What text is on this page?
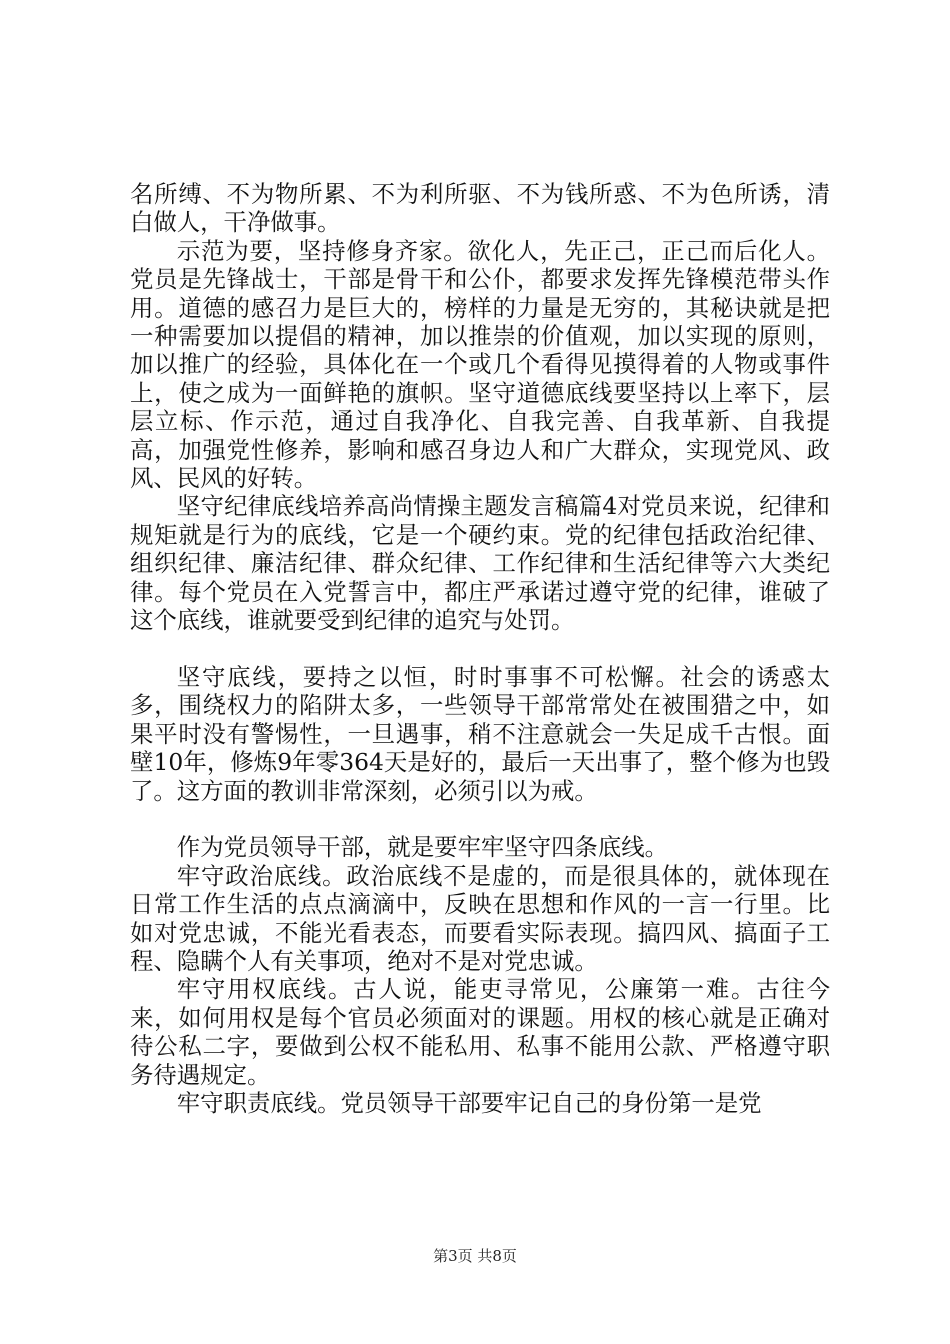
名所缚、不为物所累、不为利所驱、不为钱所惑、不为色所诱，清白做人，干净做事。

示范为要，坚持修身齐家。欲化人，先正己，正己而后化人。党员是先锋战士，干部是骨干和公仆，都要求发挥先锋模范带头作用。道德的感召力是巨大的，榜样的力量是无穷的，其秘诀就是把一种需要加以提倡的精神，加以推崇的价值观，加以实现的原则，加以推广的经验，具体化在一个或几个看得见摸得着的人物或事件上，使之成为一面鲜艳的旗帜。坚守道德底线要坚持以上率下，层层立标、作示范，通过自我净化、自我完善、自我革新、自我提高，加强党性修养，影响和感召身边人和广大群众，实现党风、政风、民风的好转。

坚守纪律底线培养高尚情操主题发言稿篇4对党员来说，纪律和规矩就是行为的底线，它是一个硬约束。党的纪律包括政治纪律、组织纪律、廉洁纪律、群众纪律、工作纪律和生活纪律等六大类纪律。每个党员在入党誓言中，都庄严承诺过遵守党的纪律，谁破了这个底线，谁就要受到纪律的追究与处罚。

坚守底线，要持之以恒，时时事事不可松懈。社会的诱惑太多，围绕权力的陷阱太多，一些领导干部常常处在被围猎之中，如果平时没有警惕性，一旦遇事，稍不注意就会一失足成千古恨。面壁10年，修炼9年零364天是好的，最后一天出事了，整个修为也毁了。这方面的教训非常深刻，必须引以为戒。

作为党员领导干部，就是要牢牢坚守四条底线。

牢守政治底线。政治底线不是虚的，而是很具体的，就体现在日常工作生活的点点滴滴中，反映在思想和作风的一言一行里。比如对党忠诚，不能光看表态，而要看实际表现。搞四风、搞面子工程、隐瞒个人有关事项，绝对不是对党忠诚。

牢守用权底线。古人说，能吏寻常见，公廉第一难。古往今来，如何用权是每个官员必须面对的课题。用权的核心就是正确对待公私二字，要做到公权不能私用、私事不能用公款、严格遵守职务待遇规定。

牢守职责底线。党员领导干部要牢记自己的身份第一是党

第3页 共8页
